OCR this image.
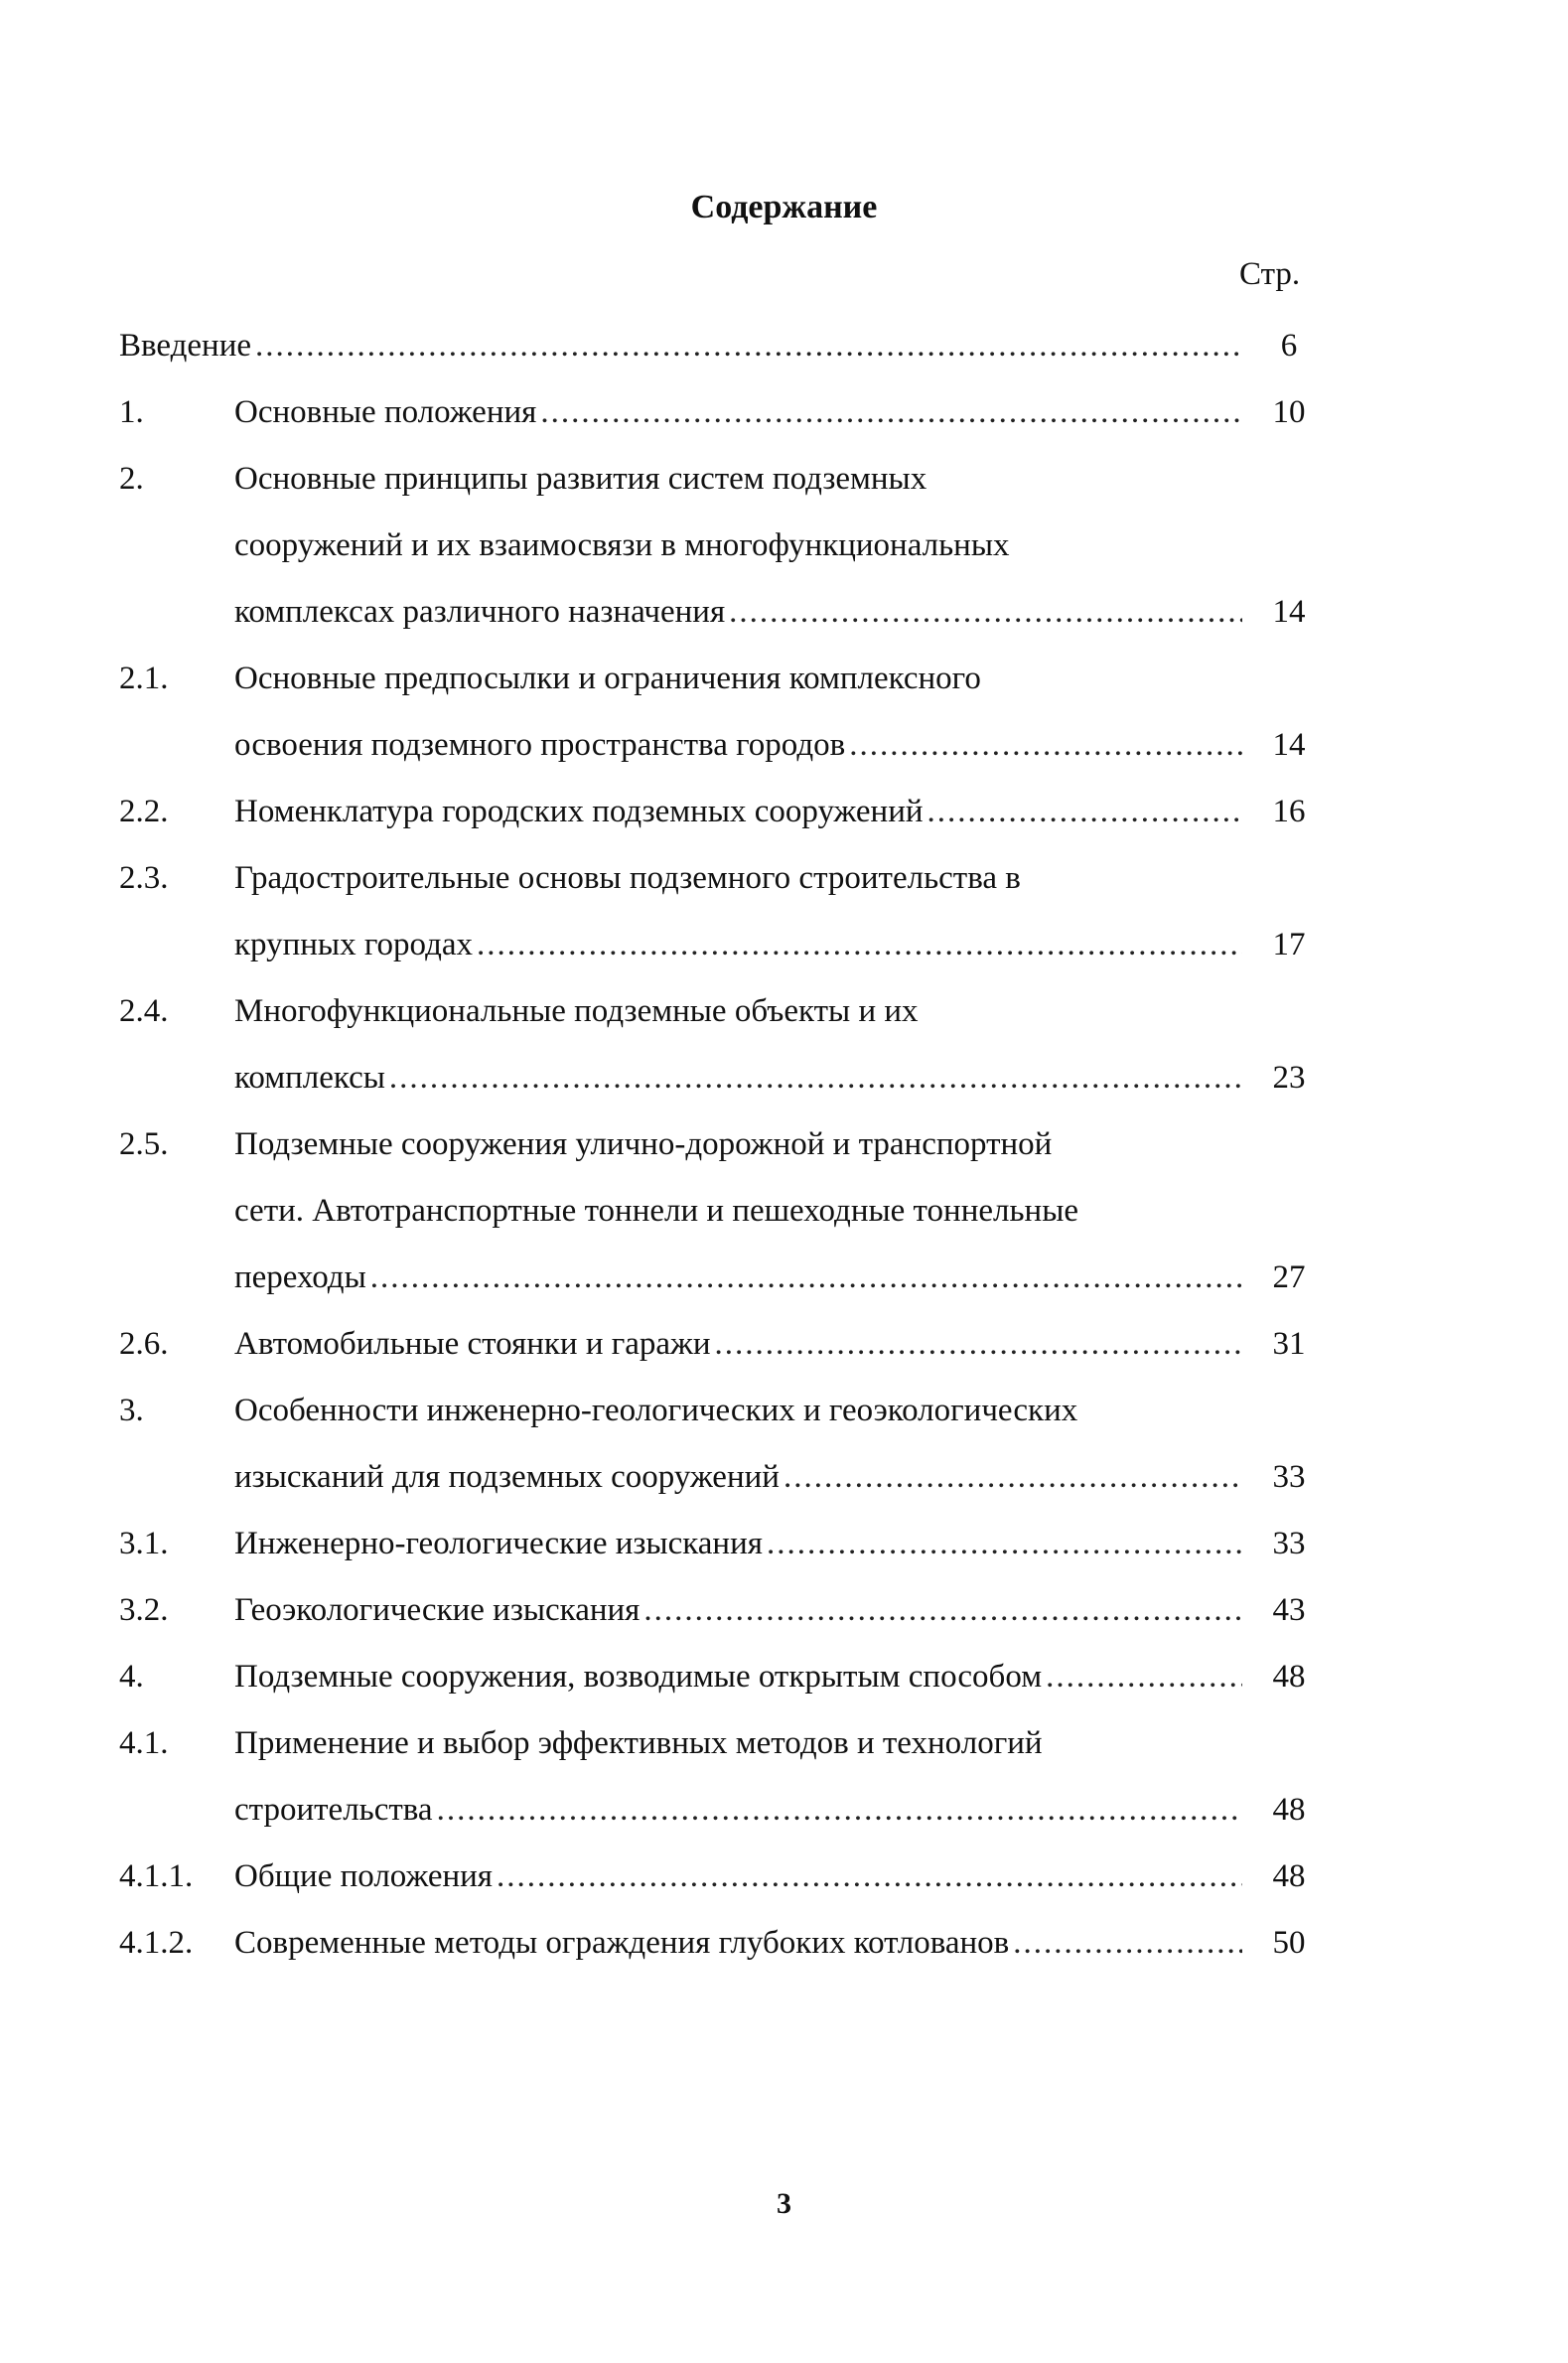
Содержание
Стр.
Введение .....	6
1.	Основные положения .....	10
2.	Основные принципы развития систем подземных
сооружений и их взаимосвязи в многофункциональных
комплексах различного назначения .....	14
2.1. Основные предпосылки и ограничения комплексного
освоения подземного пространства городов .....	14
2.2. Номенклатура городских подземных сооружений .....	16
2.3. Градостроительные основы подземного строительства в
крупных городах .....	17
2.4. Многофункциональные подземные объекты и их
комплексы .....	23
2.5. Подземные сооружения улично-дорожной и транспортной
сети. Автотранспортные тоннели и пешеходные тоннельные
переходы .....	27
2.6. Автомобильные стоянки и гаражи .....	31
3.	Особенности инженерно-геологических и геоэкологических
изысканий для подземных сооружений .....	33
3.1. Инженерно-геологические изыскания .....	33
3.2. Геоэкологические изыскания .....	43
4.	Подземные сооружения, возводимые открытым способом .....	48
4.1. Применение и выбор эффективных методов и технологий
строительства .....	48
4.1.1. Общие положения .....	48
4.1.2. Современные методы ограждения глубоких котлованов .....	50
3
